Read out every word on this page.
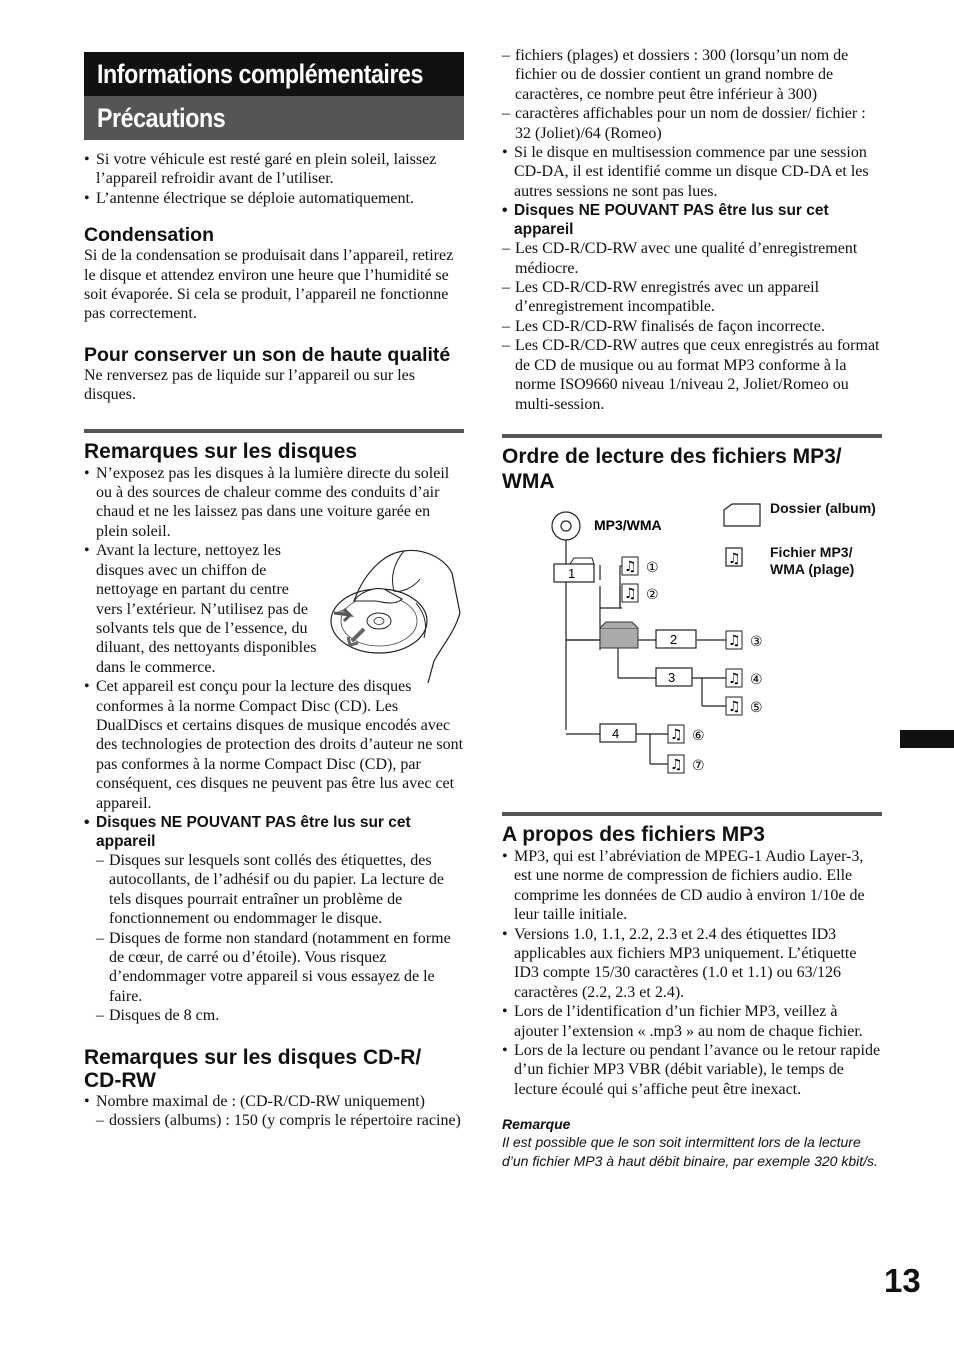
Informations complémentaires
Précautions
• Si votre véhicule est resté garé en plein soleil, laissez l’appareil refroidir avant de l’utiliser.
• L’antenne électrique se déploie automatiquement.
Condensation

Si de la condensation se produisait dans l’appareil, retirez le disque et attendez environ une heure que l’humidité se soit évaporée. Si cela se produit, l’appareil ne fonctionne pas correctement.

Pour conserver un son de haute qualité

Ne renversez pas de liquide sur l’appareil ou sur les disques.

Remarques sur les disques
• N’exposez pas les disques à la lumière directe du soleil ou à des sources de chaleur comme des conduits d’air chaud et ne les laissez pas dans une voiture garée en plein soleil.
• Avant la lecture, nettoyez les disques avec un chiffon de nettoyage en partant du centre vers l’extérieur. N’utilisez pas de solvants tels que de l’essence, du diluant, des nettoyants disponibles dans le commerce.
• Cet appareil est conçu pour la lecture des disques conformes à la norme Compact Disc (CD). Les DualDiscs et certains disques de musique encodés avec des technologies de protection des droits d’auteur ne sont pas conformes à la norme Compact Disc (CD), par conséquent, ces disques ne peuvent pas être lus avec cet appareil.
• Disques NE POUVANT PAS être lus sur cet appareil
– Disques sur lesquels sont collés des étiquettes, des autocollants, de l’adhésif ou du papier. La lecture de tels disques pourrait entraîner un problème de fonctionnement ou endommager le disque.
– Disques de forme non standard (notamment en forme de cœur, de carré ou d’étoile). Vous risquez d’endommager votre appareil si vous essayez de le faire.
– Disques de 8 cm.
Remarques sur les disques CD-R/ CD-RW
• Nombre maximal de : (CD-R/CD-RW uniquement)
– dossiers (albums) : 150 (y compris le répertoire racine)
– fichiers (plages) et dossiers : 300 (lorsqu’un nom de fichier ou de dossier contient un grand nombre de caractères, ce nombre peut être inférieur à 300)
– caractères affichables pour un nom de dossier/ fichier : 32 (Joliet)/64 (Romeo)
• Si le disque en multisession commence par une session CD-DA, il est identifié comme un disque CD-DA et les autres sessions ne sont pas lues.
• Disques NE POUVANT PAS être lus sur cet appareil
– Les CD-R/CD-RW avec une qualité d’enregistrement médiocre.
– Les CD-R/CD-RW enregistrés avec un appareil d’enregistrement incompatible.
– Les CD-R/CD-RW finalisés de façon incorrecte.
– Les CD-R/CD-RW autres que ceux enregistrés au format de CD de musique ou au format MP3 conforme à la norme ISO9660 niveau 1/niveau 2, Joliet/Romeo ou multi-session.
Ordre de lecture des fichiers MP3/ WMA
MP3/WMA
Dossier (album)
♫ Fichier MP3/ WMA (plage)
1
2
3
4
♫ ①
♫ ②
♫ ③
♫ ④
♫ ⑤
♫ ⑥
♫ ⑦
A propos des fichiers MP3
• MP3, qui est l’abréviation de MPEG-1 Audio Layer-3, est une norme de compression de fichiers audio. Elle comprime les données de CD audio à environ 1/10e de leur taille initiale.
• Versions 1.0, 1.1, 2.2, 2.3 et 2.4 des étiquettes ID3 applicables aux fichiers MP3 uniquement. L’étiquette ID3 compte 15/30 caractères (1.0 et 1.1) ou 63/126 caractères (2.2, 2.3 et 2.4).
• Lors de l’identification d’un fichier MP3, veillez à ajouter l’extension « .mp3 » au nom de chaque fichier.
• Lors de la lecture ou pendant l’avance ou le retour rapide d’un fichier MP3 VBR (débit variable), le temps de lecture écoulé qui s’affiche peut être inexact.
Remarque
Il est possible que le son soit intermittent lors de la lecture d’un fichier MP3 à haut débit binaire, par exemple 320 kbit/s.
13
